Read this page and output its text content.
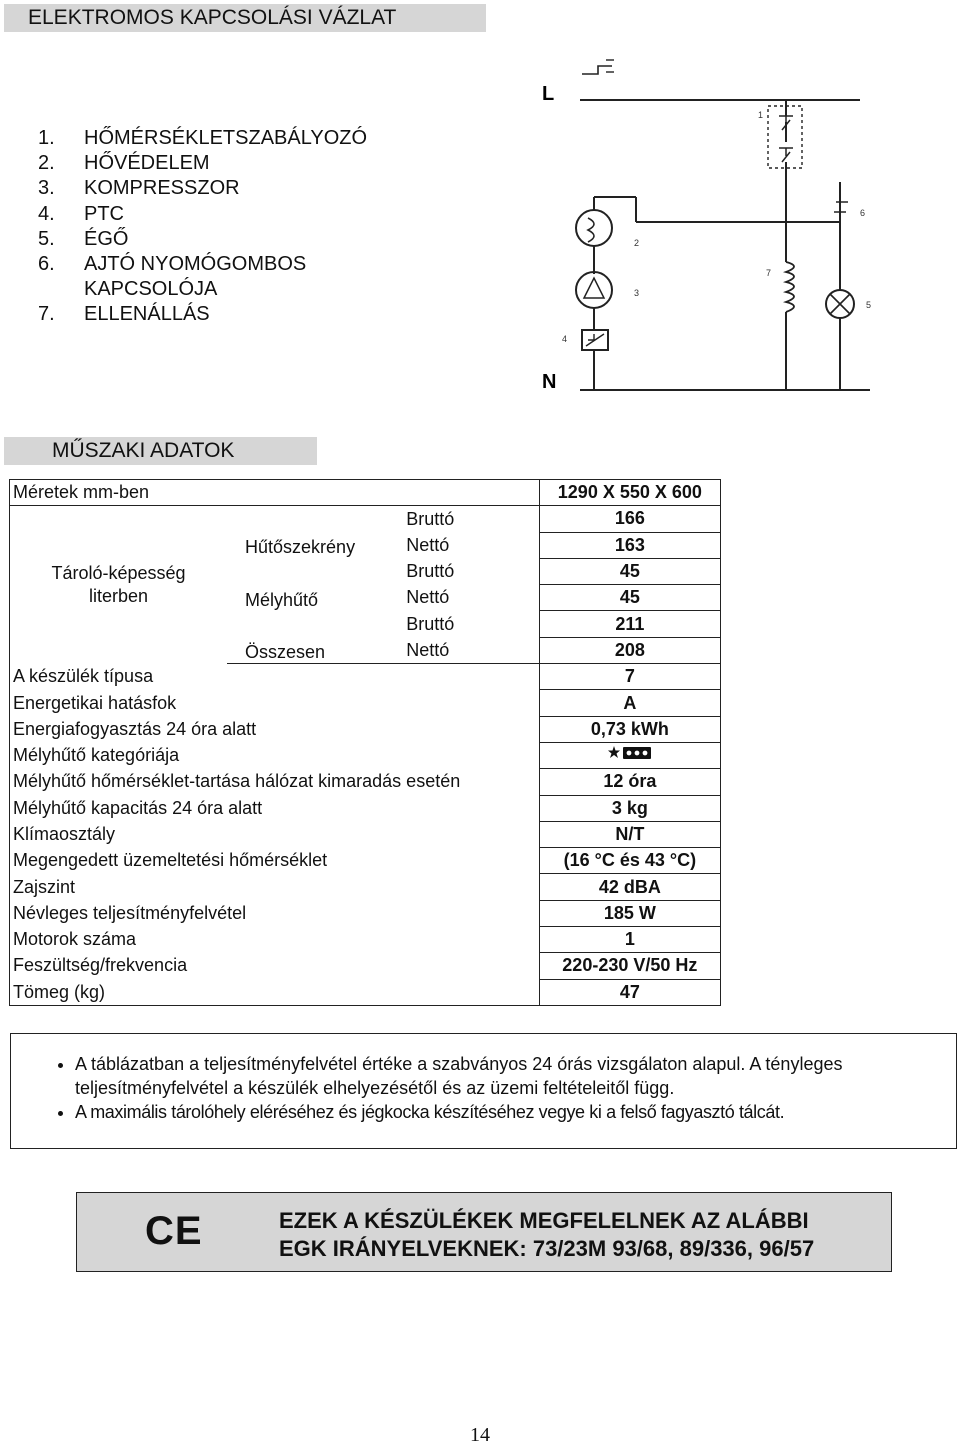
ELEKTROMOS KAPCSOLÁSI VÁZLAT
1.	HŐMÉRSÉKLETSZABÁLYOZÓ
2.	HŐVÉDELEM
3.	KOMPRESSZOR
4.	PTC
5.	ÉGŐ
6.	AJTÓ NYOMÓGOMBOS KAPCSOLÓJA
7.	ELLENÁLLÁS
L
N
1
2
3
4
5
6
7
MŰSZAKI ADATOK
Méretek mm-ben			1290 X 550 X 600
Tároló-képesség literben	Hűtőszekrény	Bruttó	166
		Nettó	163
	Mélyhűtő	Bruttó	45
		Nettó	45
	Összesen	Bruttó	211
		Nettó	208
A készülék típusa			7
Energetikai hatásfok			A
Energiafogyasztás 24 óra alatt			0,73 kWh
Mélyhűtő kategóriája	
Mélyhűtő hőmérséklet-tartása hálózat kimaradás esetén			12 óra
Mélyhűtő kapacitás 24 óra alatt			3 kg
Klímaosztály			N/T
Megengedett üzemeltetési hőmérséklet			(16 °C és 43 °C)
Zajszint			42 dBA
Névleges teljesítményfelvétel			185 W
Motorok száma			1
Feszültség/frekvencia			220-230 V/50 Hz
Tömeg (kg)			47
• A táblázatban a teljesítményfelvétel értéke a szabványos 24 órás vizsgálaton alapul. A tényleges teljesítményfelvétel a készülék elhelyezésétől és az üzemi feltételeitől függ.
• A maximális tárolóhely eléréséhez és jégkocka készítéséhez vegye ki a felső fagyasztó tálcát.
CE	EZEK A KÉSZÜLÉKEK MEGFELELNEK AZ ALÁBBI
EGK IRÁNYELVEKNEK: 73/23M 93/68, 89/336, 96/57
14
